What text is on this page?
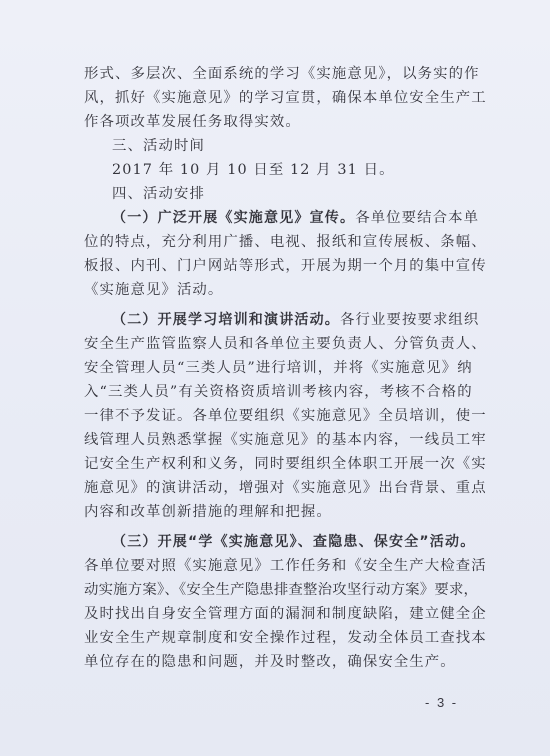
形式、多层次、全面系统的学习《实施意见》，以务实的作
风，抓好《实施意见》的学习宣贯，确保本单位安全生产工
作各项改革发展任务取得实效。
三、活动时间
2017 年 10 月 10 日至 12 月 31 日。
四、活动安排
（一）广泛开展《实施意见》宣传。各单位要结合本单
位的特点，充分利用广播、电视、报纸和宣传展板、条幅、
板报、内刊、门户网站等形式，开展为期一个月的集中宣传
《实施意见》活动。
（二）开展学习培训和演讲活动。各行业要按要求组织
安全生产监管监察人员和各单位主要负责人、分管负责人、
安全管理人员“三类人员”进行培训，并将《实施意见》纳
入“三类人员”有关资格资质培训考核内容，考核不合格的
一律不予发证。各单位要组织《实施意见》全员培训，使一
线管理人员熟悉掌握《实施意见》的基本内容，一线员工牢
记安全生产权利和义务，同时要组织全体职工开展一次《实
施意见》的演讲活动，增强对《实施意见》出台背景、重点
内容和改革创新措施的理解和把握。
（三）开展“学《实施意见》、查隐患、保安全”活动。
各单位要对照《实施意见》工作任务和《安全生产大检查活
动实施方案》、《安全生产隐患排查整治攻坚行动方案》要求，
及时找出自身安全管理方面的漏洞和制度缺陷，建立健全企
业安全生产规章制度和安全操作过程，发动全体员工查找本
单位存在的隐患和问题，并及时整改，确保安全生产。
- 3 -
